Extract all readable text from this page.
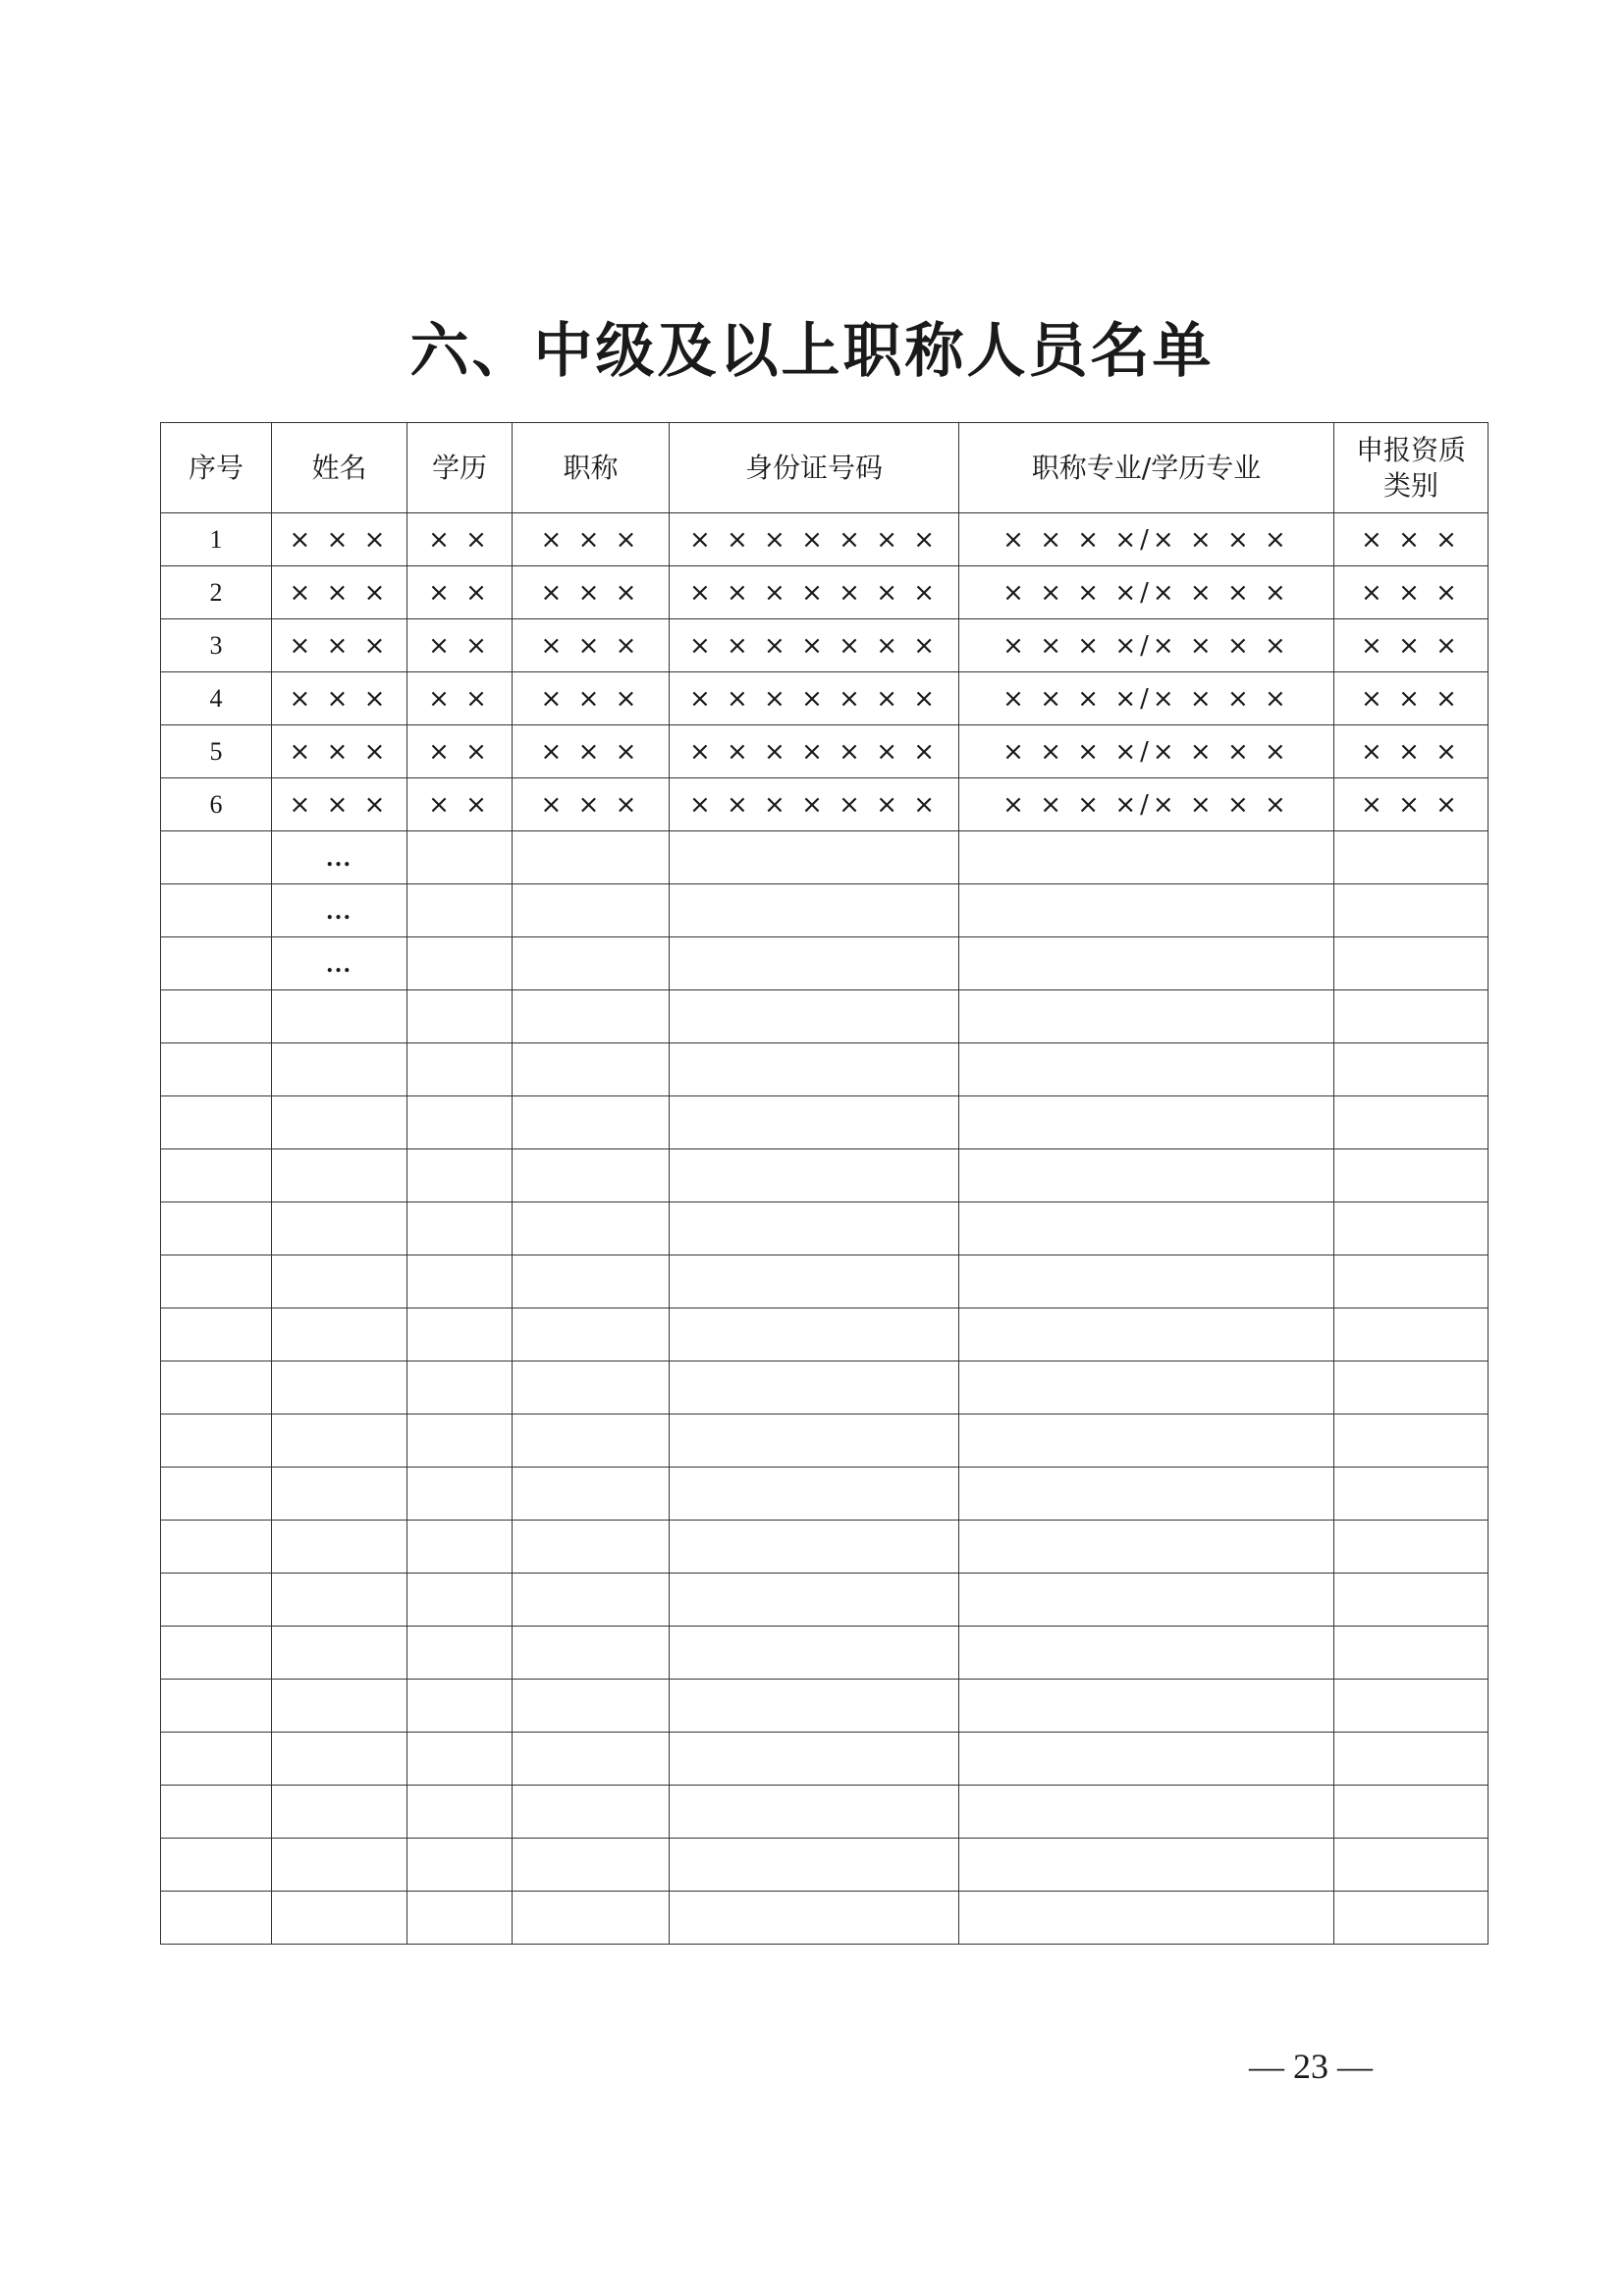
六、中级及以上职称人员名单
序号	姓名	学历	职称	身份证号码	职称专业/学历专业	申报资质
类别
1	× × ×	× ×	× × ×	× × × × × × ×	× × × ×/× × × ×	× × ×
2	× × ×	× ×	× × ×	× × × × × × ×	× × × ×/× × × ×	× × ×
3	× × ×	× ×	× × ×	× × × × × × ×	× × × ×/× × × ×	× × ×
4	× × ×	× ×	× × ×	× × × × × × ×	× × × ×/× × × ×	× × ×
5	× × ×	× ×	× × ×	× × × × × × ×	× × × ×/× × × ×	× × ×
6	× × ×	× ×	× × ×	× × × × × × ×	× × × ×/× × × ×	× × ×
	…					
	…					
	…					

— 23 —
